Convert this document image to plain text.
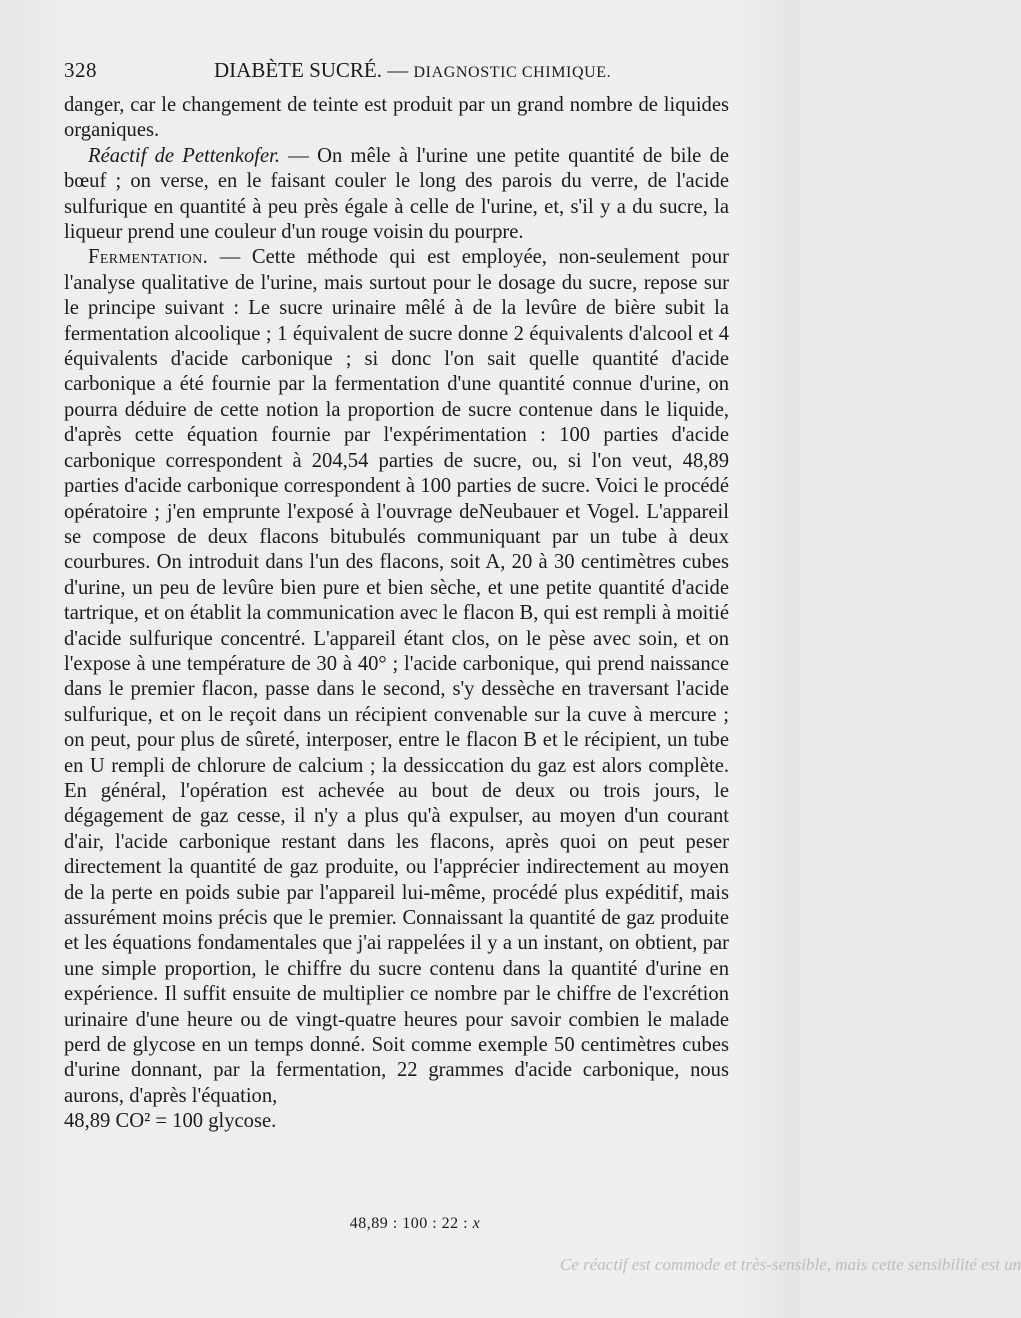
328	DIABÈTE SUCRÉ. — DIAGNOSTIC CHIMIQUE.

danger, car le changement de teinte est produit par un grand nombre de liquides organiques.

Réactif de Pettenkofer. — On mêle à l'urine une petite quantité de bile de bœuf ; on verse, en le faisant couler le long des parois du verre, de l'acide sulfurique en quantité à peu près égale à celle de l'urine, et, s'il y a du sucre, la liqueur prend une couleur d'un rouge voisin du pourpre.

Fermentation. — Cette méthode qui est employée, non-seulement pour l'analyse qualitative de l'urine, mais surtout pour le dosage du sucre, repose sur le principe suivant : Le sucre urinaire mêlé à de la levûre de bière subit la fermentation alcoolique ; 1 équivalent de sucre donne 2 équivalents d'alcool et 4 équivalents d'acide carbonique ; si donc l'on sait quelle quantité d'acide carbonique a été fournie par la fermentation d'une quantité connue d'urine, on pourra déduire de cette notion la proportion de sucre contenue dans le liquide, d'après cette équation fournie par l'expérimentation : 100 parties d'acide carbonique correspondent à 204,54 parties de sucre, ou, si l'on veut, 48,89 parties d'acide carbonique correspondent à 100 parties de sucre. Voici le procédé opératoire ; j'en emprunte l'exposé à l'ouvrage deNeubauer et Vogel. L'appareil se compose de deux flacons bitubulés communiquant par un tube à deux courbures. On introduit dans l'un des flacons, soit A, 20 à 30 centimètres cubes d'urine, un peu de levûre bien pure et bien sèche, et une petite quantité d'acide tartrique, et on établit la communication avec le flacon B, qui est rempli à moitié d'acide sulfurique concentré. L'appareil étant clos, on le pèse avec soin, et on l'expose à une température de 30 à 40° ; l'acide carbonique, qui prend naissance dans le premier flacon, passe dans le second, s'y dessèche en traversant l'acide sulfurique, et on le reçoit dans un récipient convenable sur la cuve à mercure ; on peut, pour plus de sûreté, interposer, entre le flacon B et le récipient, un tube en U rempli de chlorure de calcium ; la dessiccation du gaz est alors complète. En général, l'opération est achevée au bout de deux ou trois jours, le dégagement de gaz cesse, il n'y a plus qu'à expulser, au moyen d'un courant d'air, l'acide carbonique restant dans les flacons, après quoi on peut peser directement la quantité de gaz produite, ou l'apprécier indirectement au moyen de la perte en poids subie par l'appareil lui-même, procédé plus expéditif, mais assurément moins précis que le premier. Connaissant la quantité de gaz produite et les équations fondamentales que j'ai rappelées il y a un instant, on obtient, par une simple proportion, le chiffre du sucre contenu dans la quantité d'urine en expérience. Il suffit ensuite de multiplier ce nombre par le chiffre de l'excrétion urinaire d'une heure ou de vingt-quatre heures pour savoir combien le malade perd de glycose en un temps donné. Soit comme exemple 50 centimètres cubes d'urine donnant, par la fermentation, 22 grammes d'acide carbonique, nous aurons, d'après l'équation,

48,89 CO² = 100 glycose.

48,89 : 100 : 22 : x
Ce réactif est commode et très-sensible, mais cette sensibilité est un
